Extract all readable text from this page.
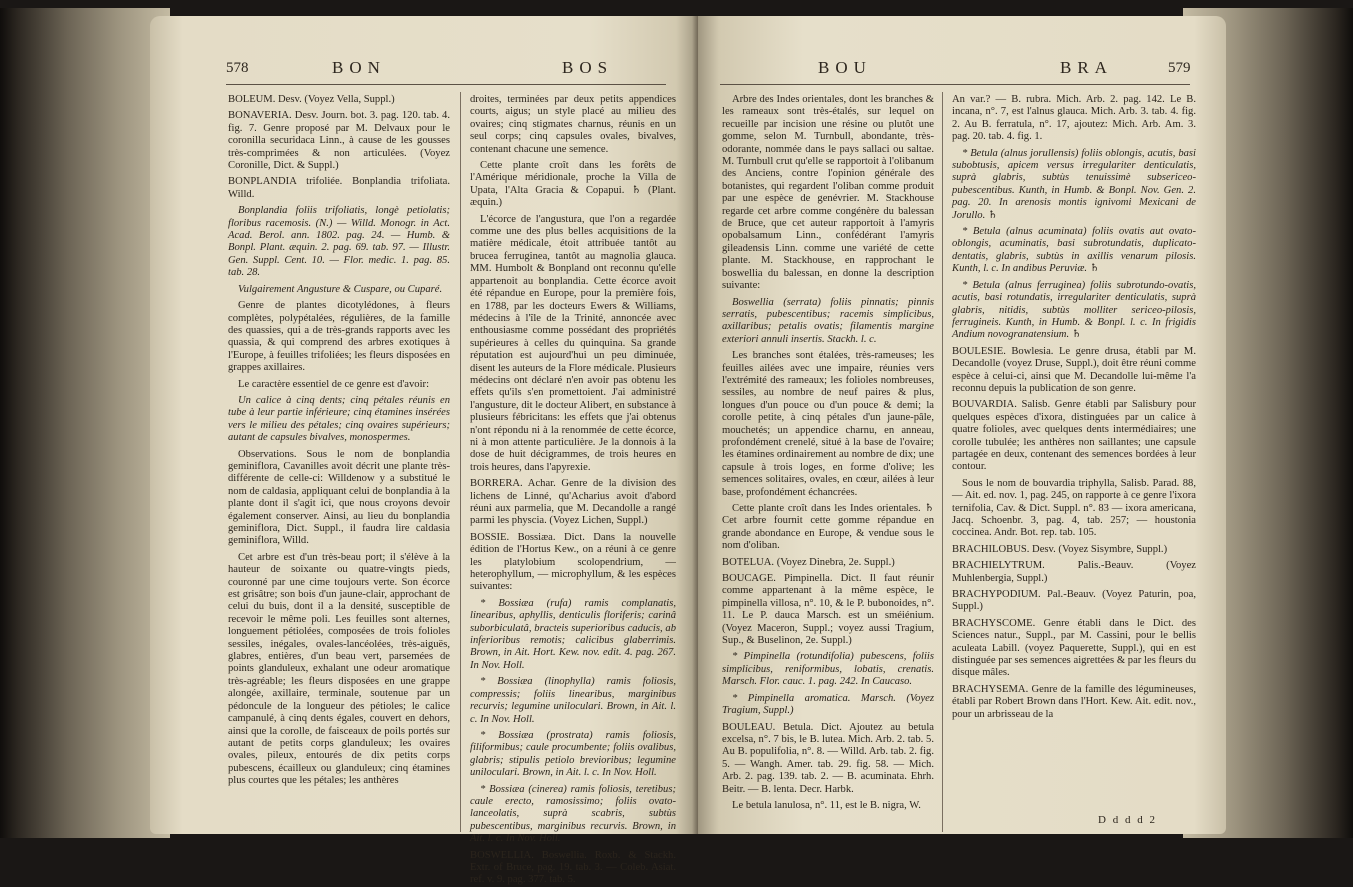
578	BON	BOS

BOLEUM. Desv. (Voyez Vella, Suppl.)

BONAVERIA. Desv. Journ. bot. 3. pag. 120. tab. 4. fig. 7. Genre proposé par M. Delvaux pour le coronilla securidaca Linn., à cause de les gousses très-comprimées & non articulées. (Voyez Coronille, Dict. & Suppl.)

BONPLANDIA trifoliée. Bonplandia trifoliata. Willd.

Bonplandia foliis trifoliatis, longè petiolatis; floribus racemosis. (N.) — Willd. Monogr. in Act. Acad. Berol. ann. 1802. pag. 24. — Humb. & Bonpl. Plant. æquin. 2. pag. 69. tab. 97. — Illustr. Gen. Suppl. Cent. 10. — Flor. medic. 1. pag. 85. tab. 28.

Vulgairement Angusture & Cuspare, ou Cuparé.

Genre de plantes dicotylédones, à fleurs complètes, polypétalées, régulières, de la famille des quassies, qui a de très-grands rapports avec les quassia, & qui comprend des arbres exotiques à l'Europe, à feuilles trifoliées; les fleurs disposées en grappes axillaires.

Le caractère essentiel de ce genre est d'avoir:

Un calice à cinq dents; cinq pétales réunis en tube à leur partie inférieure; cinq étamines insérées vers le milieu des pétales; cinq ovaires supérieurs; autant de capsules bivalves, monospermes.

Observations. Sous le nom de bonplandia geminiflora, Cavanilles avoit décrit une plante très-différente de celle-ci: Willdenow y a substitué le nom de caldasia, appliquant celui de bonplandia à la plante dont il s'agit ici, que nous croyons devoir également conserver. Ainsi, au lieu du bonplandia geminiflora, Dict. Suppl., il faudra lire caldasia geminiflora, Willd.

Cet arbre est d'un très-beau port; il s'élève à la hauteur de soixante ou quatre-vingts pieds, couronné par une cime toujours verte. Son écorce est grisâtre; son bois d'un jaune-clair, approchant de celui du buis, dont il a la densité, susceptible de recevoir le même poli. Les feuilles sont alternes, longuement pétiolées, composées de trois folioles sessiles, inégales, ovales-lancéolées, très-aiguës, glabres, entières, d'un beau vert, parsemées de points glanduleux, exhalant une odeur aromatique très-agréable; les fleurs disposées en une grappe alongée, axillaire, terminale, soutenue par un pédoncule de la longueur des pétioles; le calice campanulé, à cinq dents égales, couvert en dehors, ainsi que la corolle, de faisceaux de poils portés sur autant de petits corps glanduleux; les ovaires ovales, pileux, entourés de dix petits corps pubescens, écailleux ou glanduleux; cinq étamines plus courtes que les pétales; les anthères

droites, terminées par deux petits appendices courts, aigus; un style placé au milieu des ovaires; cinq stigmates charnus, réunis en un seul corps; cinq capsules ovales, bivalves, contenant chacune une semence.

Cette plante croît dans les forêts de l'Amérique méridionale, proche la Villa de Upata, l'Alta Gracia & Copapui. ♄ (Plant. æquin.)

L'écorce de l'angustura, que l'on a regardée comme une des plus belles acquisitions de la matière médicale, étoit attribuée tantôt au brucea ferruginea, tantôt au magnolia glauca. MM. Humbolt & Bonpland ont reconnu qu'elle appartenoit au bonplandia. Cette écorce avoit été répandue en Europe, pour la première fois, en 1788, par les docteurs Ewers & Williams, médecins à l'île de la Trinité, annoncée avec enthousiasme comme possédant des propriétés supérieures à celles du quinquina. Sa grande réputation est aujourd'hui un peu diminuée, disent les auteurs de la Flore médicale. Plusieurs médecins ont déclaré n'en avoir pas obtenu les effets qu'ils s'en promettoient. J'ai administré l'angusture, dit le docteur Alibert, en substance à plusieurs fébricitans: les effets que j'ai obtenus n'ont répondu ni à la renommée de cette écorce, ni à mon attente particulière. Je la donnois à la dose de huit décigrammes, de trois heures en trois heures, dans l'apyrexie.

BORRERA. Achar. Genre de la division des lichens de Linné, qu'Acharius avoit d'abord réuni aux parmelia, que M. Decandolle a rangé parmi les physcia. (Voyez Lichen, Suppl.)

BOSSIE. Bossiæa. Dict. Dans la nouvelle édition de l'Hortus Kew., on a réuni à ce genre les platylobium scolopendrium, — heterophyllum, — microphyllum, & les espèces suivantes:

* Bossiæa (rufa) ramis complanatis, linearibus, aphyllis, denticulis floriferis; carinâ suborbiculatâ, bracteis superioribus caducis, ab inferioribus remotis; calicibus glaberrimis. Brown, in Ait. Hort. Kew. nov. edit. 4. pag. 267. In Nov. Holl.

* Bossiæa (linophylla) ramis foliosis, compressis; foliis linearibus, marginibus recurvis; legumine uniloculari. Brown, in Ait. l. c. In Nov. Holl.

* Bossiæa (prostrata) ramis foliosis, filiformibus; caule procumbente; foliis ovalibus, glabris; stipulis petiolo brevioribus; legumine uniloculari. Brown, in Ait. l. c. In Nov. Holl.

* Bossiæa (cinerea) ramis foliosis, teretibus; caule erecto, ramosissimo; foliis ovato-lanceolatis, suprà scabris, subtùs pubescentibus, marginibus recurvis. Brown, in Ait. l. c. In Nov. Holl.

BOSWELLIA. Boswellia. Roxb. & Stackh. Extr. of Bruce, pag. 19. tab. 3. — Coleb. Asiat. ref. v. 9. pag. 377. tab. 5.

BOU	BRA	579

Arbre des Indes orientales, dont les branches & les rameaux sont très-étalés, sur lequel on recueille par incision une résine ou plutôt une gomme, selon M. Turnbull, abondante, très-odorante, nommée dans le pays sallaci ou saltae. M. Turnbull crut qu'elle se rapportoit à l'olibanum des Anciens, contre l'opinion générale des botanistes, qui regardent l'oliban comme produit par une espèce de genévrier. M. Stackhouse regarde cet arbre comme congénère du balessan de Bruce, que cet auteur rapportoit à l'amyris opobalsamum Linn., confédérant l'amyris gileadensis Linn. comme une variété de cette plante. M. Stackhouse, en rapprochant le boswellia du balessan, en donne la description suivante:

Boswellia (serrata) foliis pinnatis; pinnis serratis, pubescentibus; racemis simplicibus, axillaribus; petalis ovatis; filamentis margine exteriori annuli insertis. Stackh. l. c.

Les branches sont étalées, très-rameuses; les feuilles ailées avec une impaire, réunies vers l'extrémité des rameaux; les folioles nombreuses, sessiles, au nombre de neuf paires & plus, longues d'un pouce ou d'un pouce & demi; la corolle petite, à cinq pétales d'un jaune-pâle, mouchetés; un appendice charnu, en anneau, profondément crenelé, situé à la base de l'ovaire; les étamines ordinairement au nombre de dix; une capsule à trois loges, en forme d'olive; les semences solitaires, ovales, en cœur, ailées à leur base, profondément échancrées.

Cette plante croît dans les Indes orientales. ♄ Cet arbre fournit cette gomme répandue en grande abondance en Europe, & vendue sous le nom d'oliban.

BOTELUA. (Voyez Dinebra, 2e. Suppl.)

BOUCAGE. Pimpinella. Dict. Il faut réunir comme appartenant à la même espèce, le pimpinella villosa, n°. 10, & le P. bubonoides, n°. 11. Le P. dauca Marsch. est un sméiénium. (Voyez Maceron, Suppl.; voyez aussi Tragium, Sup., & Buselinon, 2e. Suppl.)

* Pimpinella (rotundifolia) pubescens, foliis simplicibus, reniformibus, lobatis, crenatis. Marsch. Flor. cauc. 1. pag. 242. In Caucaso.

* Pimpinella aromatica. Marsch. (Voyez Tragium, Suppl.)

BOULEAU. Betula. Dict. Ajoutez au betula excelsa, n°. 7 bis, le B. lutea. Mich. Arb. 2. tab. 5. Au B. populifolia, n°. 8. — Willd. Arb. tab. 2. fig. 5. — Wangh. Amer. tab. 29. fig. 58. — Mich. Arb. 2. pag. 139. tab. 2. — B. acuminata. Ehrh. Beitr. — B. lenta. Decr. Harbk.

Le betula lanulosa, n°. 11, est le B. nigra, W.

An var.? — B. rubra. Mich. Arb. 2. pag. 142. Le B. incana, n°. 7, est l'alnus glauca. Mich. Arb. 3. tab. 4. fig. 2. Au B. ferratula, n°. 17, ajoutez: Mich. Arb. Am. 3. pag. 20. tab. 4. fig. 1.

* Betula (alnus jorullensis) foliis oblongis, acutis, basi subobtusis, apicem versus irregulariter denticulatis, suprà glabris, subtùs tenuissimè subsericeo-pubescentibus. Kunth, in Humb. & Bonpl. Nov. Gen. 2. pag. 20. In arenosis montis ignivomi Mexicani de Jorullo. ♄

* Betula (alnus acuminata) foliis ovatis aut ovato-oblongis, acuminatis, basi subrotundatis, duplicato-dentatis, glabris, subtùs in axillis venarum pilosis. Kunth, l. c. In andibus Peruviæ. ♄

* Betula (alnus ferruginea) foliis subrotundo-ovatis, acutis, basi rotundatis, irregulariter denticulatis, suprà glabris, nitidis, subtùs molliter sericeo-pilosis, ferrugineis. Kunth, in Humb. & Bonpl. l. c. In frigidis Andium novogranatensium. ♄

BOULESIE. Bowlesia. Le genre drusa, établi par M. Decandolle (voyez Druse, Suppl.), doit être réuni comme espèce à celui-ci, ainsi que M. Decandolle lui-même l'a reconnu depuis la publication de son genre.

BOUVARDIA. Salisb. Genre établi par Salisbury pour quelques espèces d'ixora, distinguées par un calice à quatre folioles, avec quelques dents intermédiaires; une corolle tubulée; les anthères non saillantes; une capsule partagée en deux, contenant des semences bordées à leur contour.

Sous le nom de bouvardia triphylla, Salisb. Parad. 88, — Ait. ed. nov. 1, pag. 245, on rapporte à ce genre l'ixora ternifolia, Cav. & Dict. Suppl. n°. 83 — ixora americana, Jacq. Schoenbr. 3, pag. 4, tab. 257; — houstonia coccinea. Andr. Bot. rep. tab. 105.

BRACHILOBUS. Desv. (Voyez Sisymbre, Suppl.)

BRACHIELYTRUM. Palis.-Beauv. (Voyez Muhlenbergia, Suppl.)

BRACHYPODIUM. Pal.-Beauv. (Voyez Paturin, poa, Suppl.)

BRACHYSCOME. Genre établi dans le Dict. des Sciences natur., Suppl., par M. Cassini, pour le bellis aculeata Labill. (voyez Paquerette, Suppl.), qui en est distinguée par ses semences aigrettées & par les fleurs du disque mâles.

BRACHYSEMA. Genre de la famille des légumineuses, établi par Robert Brown dans l'Hort. Kew. Ait. edit. nov., pour un arbrisseau de la

D d d d 2
